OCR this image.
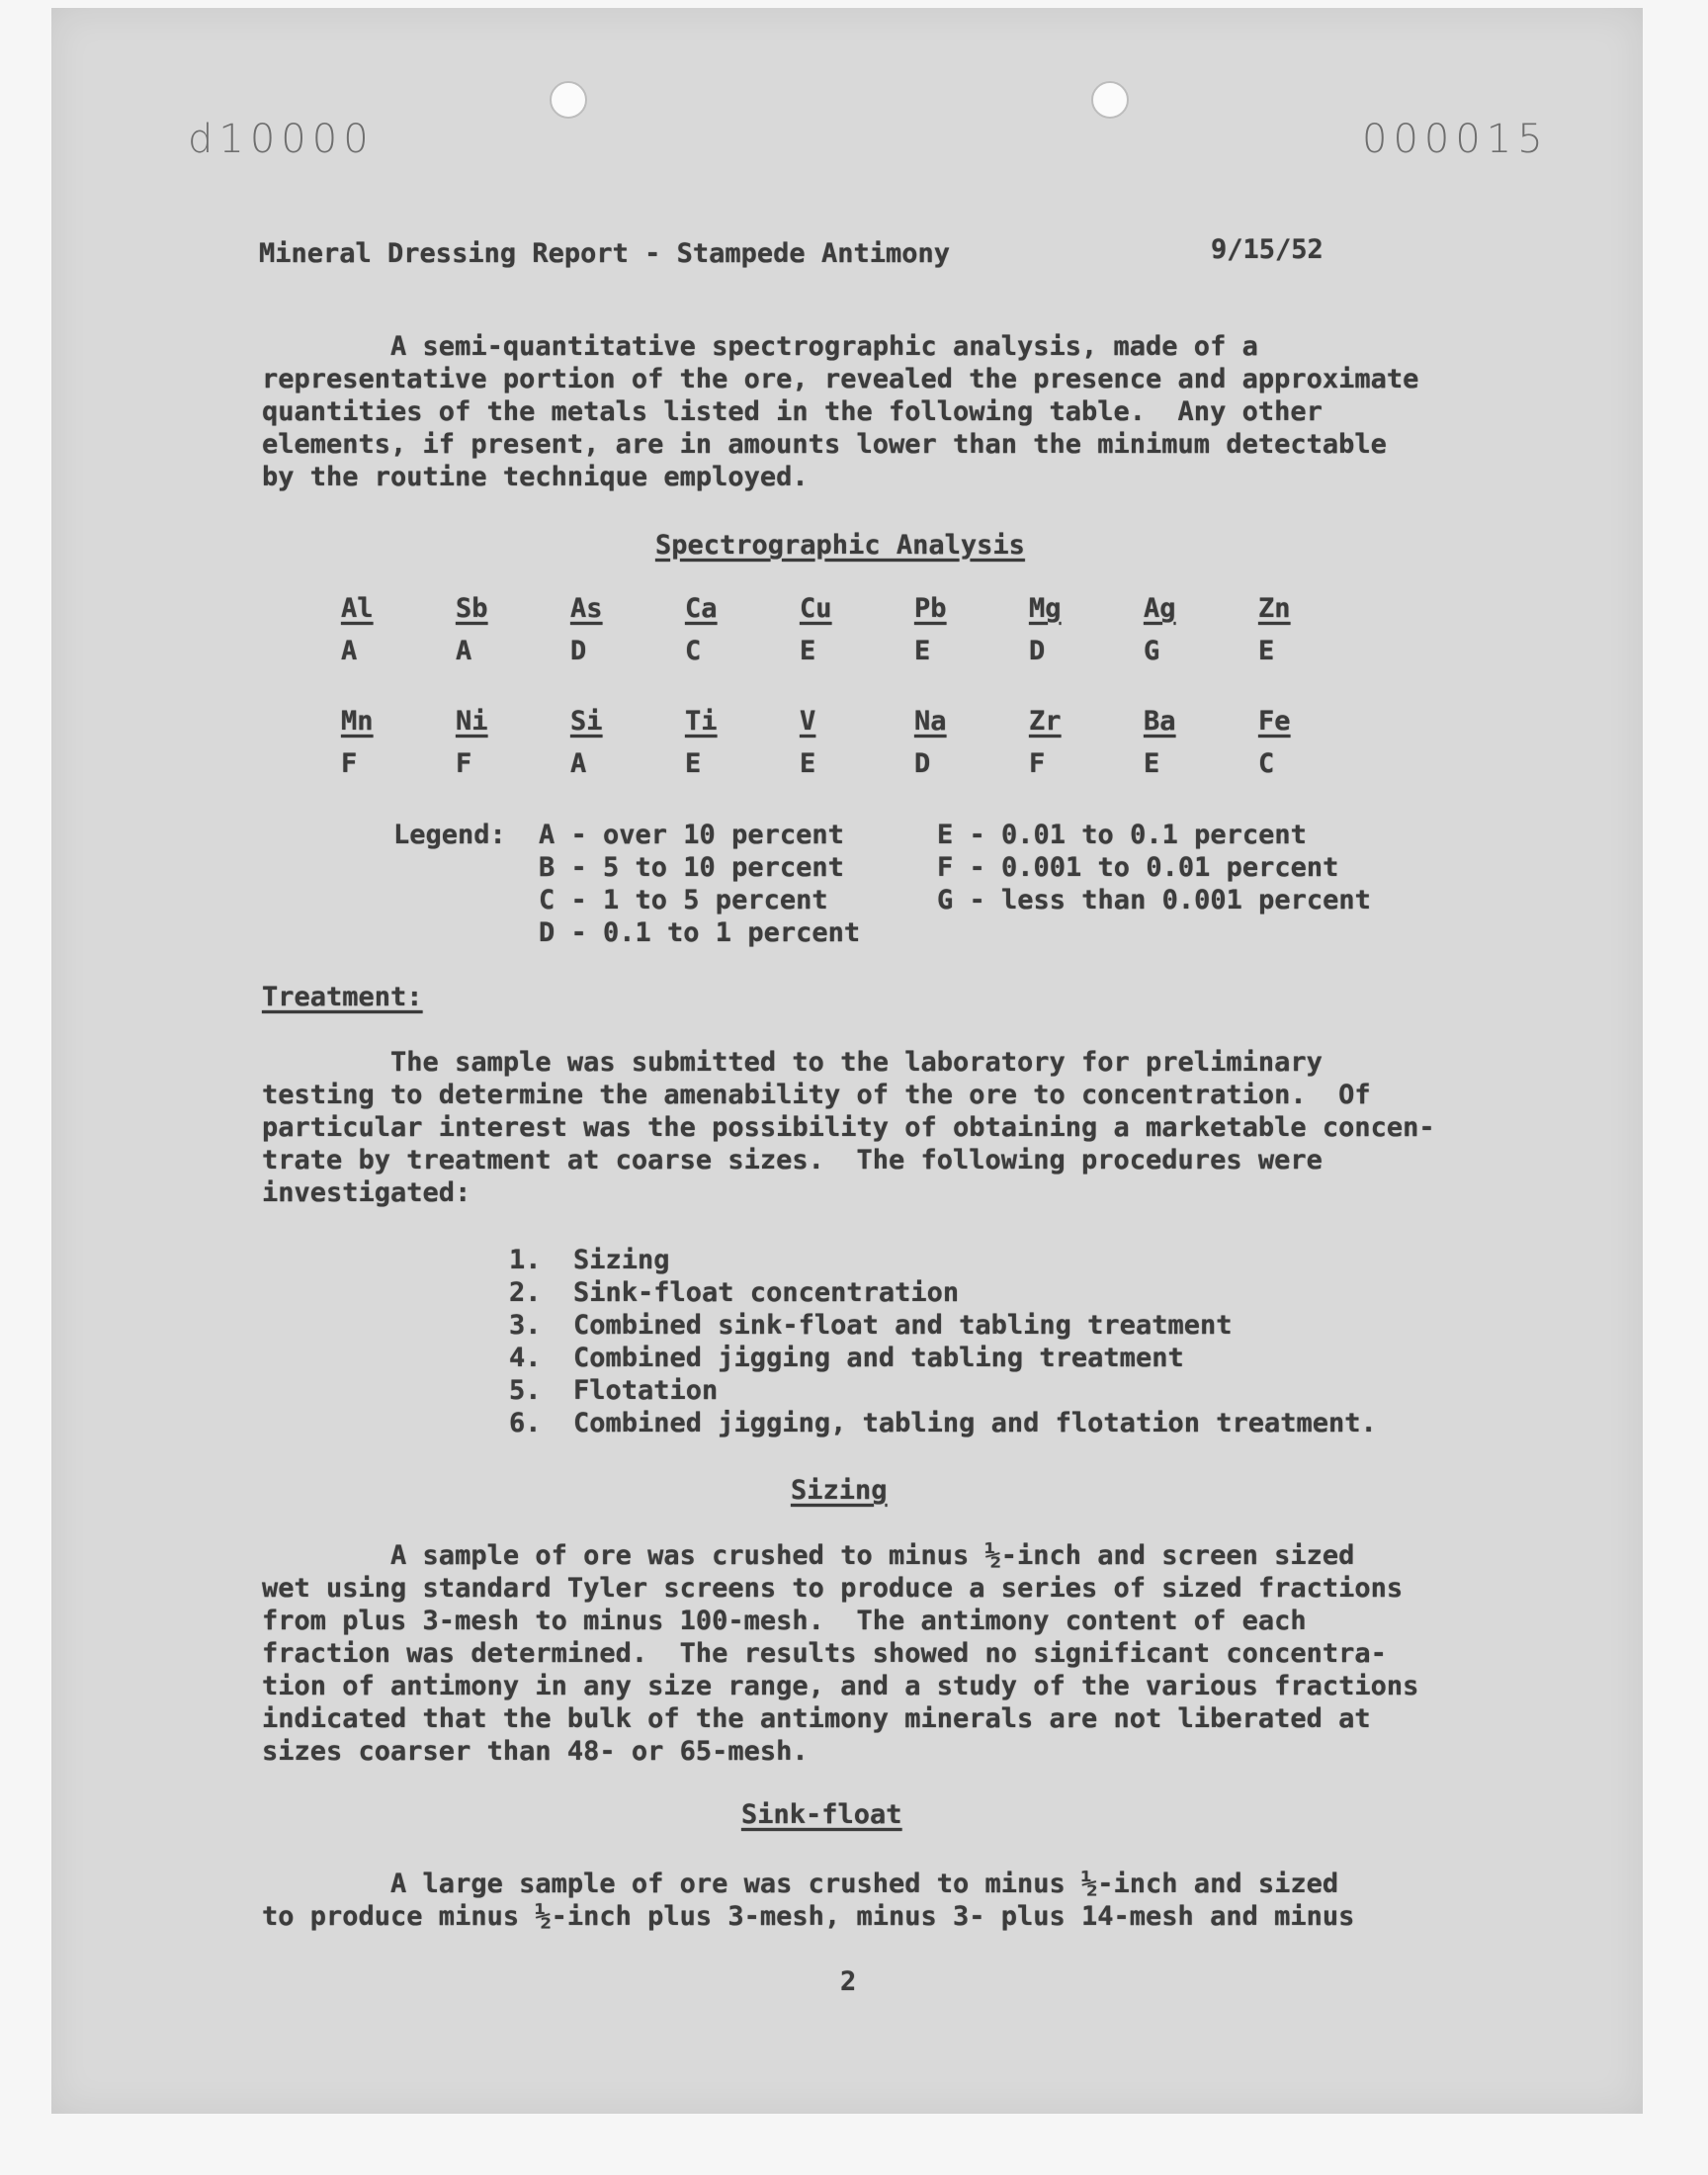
d10000	000015
Mineral Dressing Report - Stampede Antimony	9/15/52
A semi-quantitative spectrographic analysis, made of a
representative portion of the ore, revealed the presence and approximate
quantities of the metals listed in the following table.  Any other
elements, if present, are in amounts lower than the minimum detectable
by the routine technique employed.
Spectrographic Analysis
Al	Sb	As	Ca	Cu	Pb	Mg	Ag	Zn
A	A	D	C	E	E	D	G	E
Mn	Ni	Si	Ti	V	Na	Zr	Ba	Fe
F	F	A	E	E	D	F	E	C
Legend: A - over 10 percent
B - 5 to 10 percent
C - 1 to 5 percent
D - 0.1 to 1 percent
E - 0.01 to 0.1 percent
F - 0.001 to 0.01 percent
G - less than 0.001 percent
Treatment:
The sample was submitted to the laboratory for preliminary
testing to determine the amenability of the ore to concentration.  Of
particular interest was the possibility of obtaining a marketable concen-
trate by treatment at coarse sizes.  The following procedures were
investigated:
1. Sizing
2. Sink-float concentration
3. Combined sink-float and tabling treatment
4. Combined jigging and tabling treatment
5. Flotation
6. Combined jigging, tabling and flotation treatment.
Sizing
A sample of ore was crushed to minus ½-inch and screen sized
wet using standard Tyler screens to produce a series of sized fractions
from plus 3-mesh to minus 100-mesh.  The antimony content of each
fraction was determined.  The results showed no significant concentra-
tion of antimony in any size range, and a study of the various fractions
indicated that the bulk of the antimony minerals are not liberated at
sizes coarser than 48- or 65-mesh.
Sink-float
A large sample of ore was crushed to minus ½-inch and sized
to produce minus ½-inch plus 3-mesh, minus 3- plus 14-mesh and minus
2
